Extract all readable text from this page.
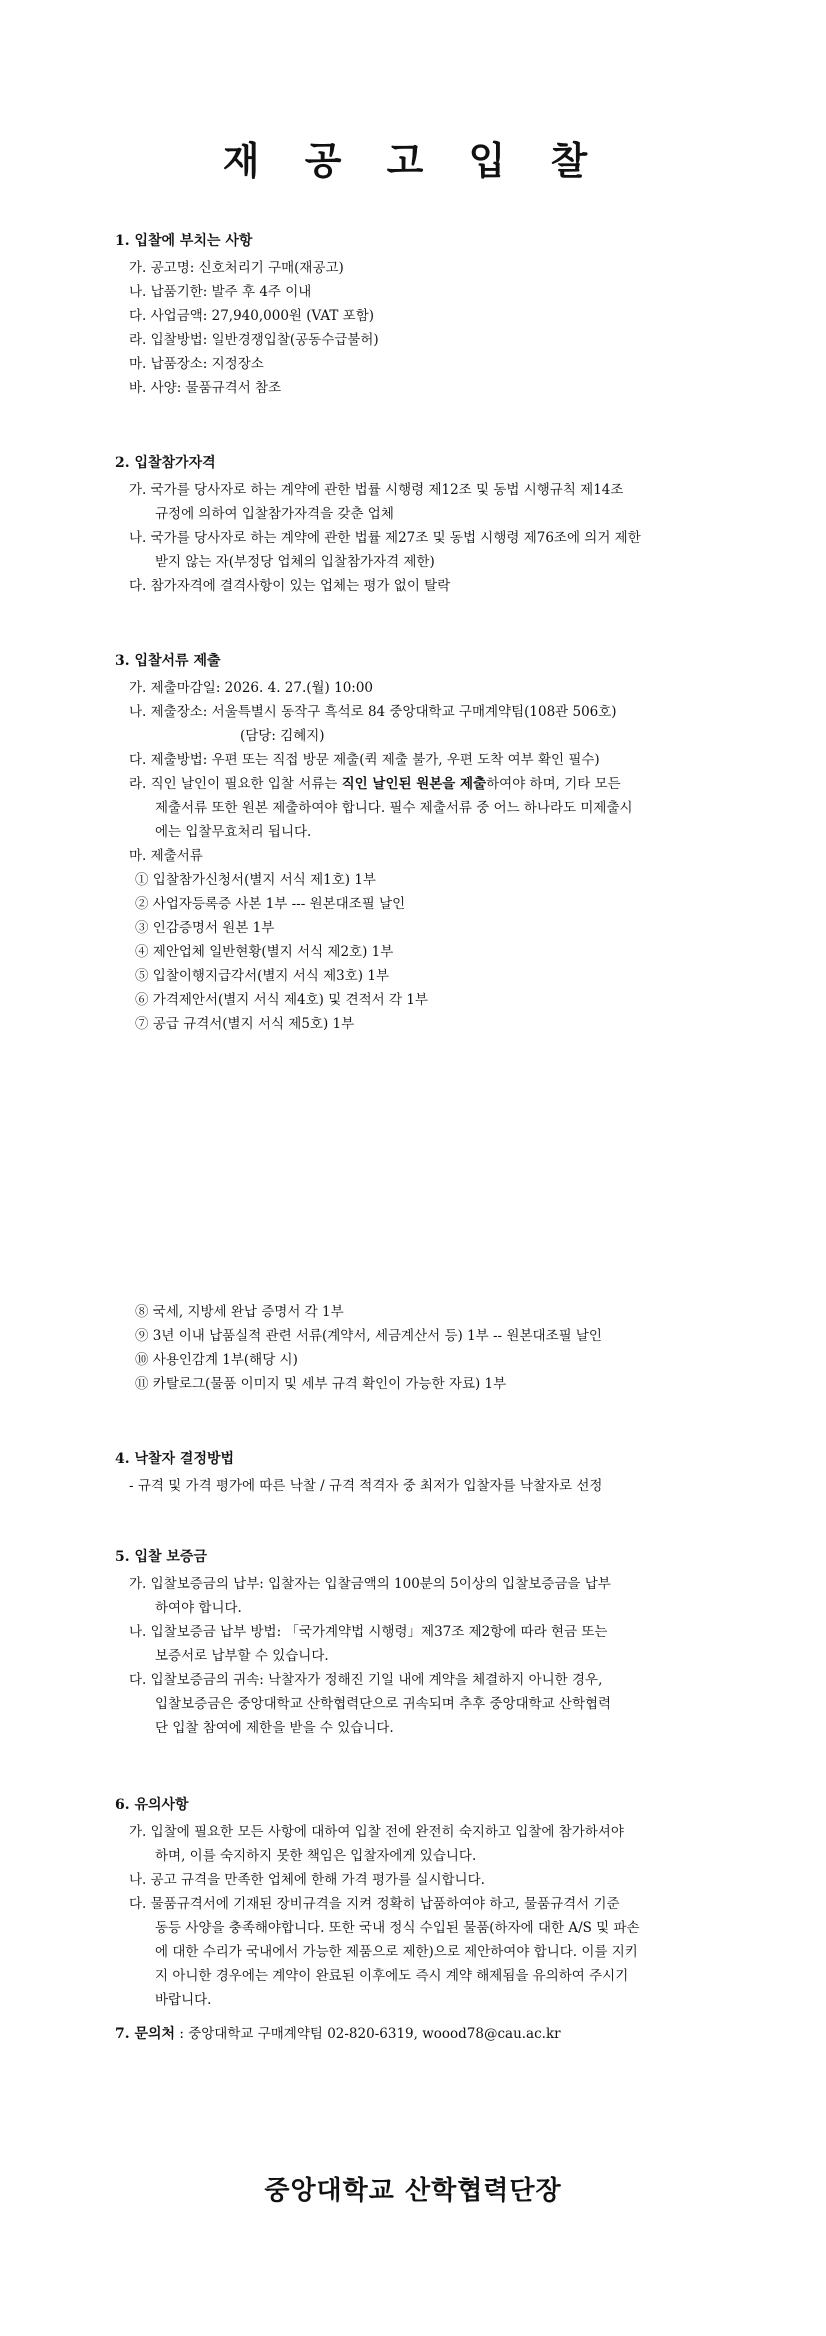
재 공 고 입 찰
1. 입찰에 부치는 사항
가. 공고명: 신호처리기 구매(재공고)
나. 납품기한: 발주 후 4주 이내
다. 사업금액: 27,940,000원 (VAT 포함)
라. 입찰방법: 일반경쟁입찰(공동수급불허)
마. 납품장소: 지정장소
바. 사양: 물품규격서 참조
2. 입찰참가자격
가. 국가를 당사자로 하는 계약에 관한 법률 시행령 제12조 및 동법 시행규칙 제14조
규정에 의하여 입찰참가자격을 갖춘 업체
나. 국가를 당사자로 하는 계약에 관한 법률 제27조 및 동법 시행령 제76조에 의거 제한
받지 않는 자(부정당 업체의 입찰참가자격 제한)
다. 참가자격에 결격사항이 있는 업체는 평가 없이 탈락
3. 입찰서류 제출
가. 제출마감일: 2026. 4. 27.(월) 10:00
나. 제출장소: 서울특별시 동작구 흑석로 84 중앙대학교 구매계약팀(108관 506호)
(담당: 김혜지)
다. 제출방법: 우편 또는 직접 방문 제출(퀵 제출 불가, 우편 도착 여부 확인 필수)
라. 직인 날인이 필요한 입찰 서류는 직인 날인된 원본을 제출하여야 하며, 기타 모든
제출서류 또한 원본 제출하여야 합니다. 필수 제출서류 중 어느 하나라도 미제출시
에는 입찰무효처리 됩니다.
마. 제출서류
① 입찰참가신청서(별지 서식 제1호) 1부
② 사업자등록증 사본 1부 --- 원본대조필 날인
③ 인감증명서 원본 1부
④ 제안업체 일반현황(별지 서식 제2호) 1부
⑤ 입찰이행지급각서(별지 서식 제3호) 1부
⑥ 가격제안서(별지 서식 제4호) 및 견적서 각 1부
⑦ 공급 규격서(별지 서식 제5호) 1부
⑧ 국세, 지방세 완납 증명서 각 1부
⑨ 3년 이내 납품실적 관련 서류(계약서, 세금계산서 등) 1부 -- 원본대조필 날인
⑩ 사용인감계 1부(해당 시)
⑪ 카탈로그(물품 이미지 및 세부 규격 확인이 가능한 자료) 1부
4. 낙찰자 결정방법
- 규격 및 가격 평가에 따른 낙찰 / 규격 적격자 중 최저가 입찰자를 낙찰자로 선정
5. 입찰 보증금
가. 입찰보증금의 납부: 입찰자는 입찰금액의 100분의 5이상의 입찰보증금을 납부
하여야 합니다.
나. 입찰보증금 납부 방법: 「국가계약법 시행령」제37조 제2항에 따라 현금 또는
보증서로 납부할 수 있습니다.
다. 입찰보증금의 귀속: 낙찰자가 정해진 기일 내에 계약을 체결하지 아니한 경우,
입찰보증금은 중앙대학교 산학협력단으로 귀속되며 추후 중앙대학교 산학협력
단 입찰 참여에 제한을 받을 수 있습니다.
6. 유의사항
가. 입찰에 필요한 모든 사항에 대하여 입찰 전에 완전히 숙지하고 입찰에 참가하셔야
하며, 이를 숙지하지 못한 책임은 입찰자에게 있습니다.
나. 공고 규격을 만족한 업체에 한해 가격 평가를 실시합니다.
다. 물품규격서에 기재된 장비규격을 지켜 정확히 납품하여야 하고, 물품규격서 기준
동등 사양을 충족해야합니다. 또한 국내 정식 수입된 물품(하자에 대한 A/S 및 파손
에 대한 수리가 국내에서 가능한 제품으로 제한)으로 제안하여야 합니다. 이를 지키
지 아니한 경우에는 계약이 완료된 이후에도 즉시 계약 해제됨을 유의하여 주시기
바랍니다.
7. 문의처 : 중앙대학교 구매계약팀 02-820-6319, woood78@cau.ac.kr
중앙대학교 산학협력단장
